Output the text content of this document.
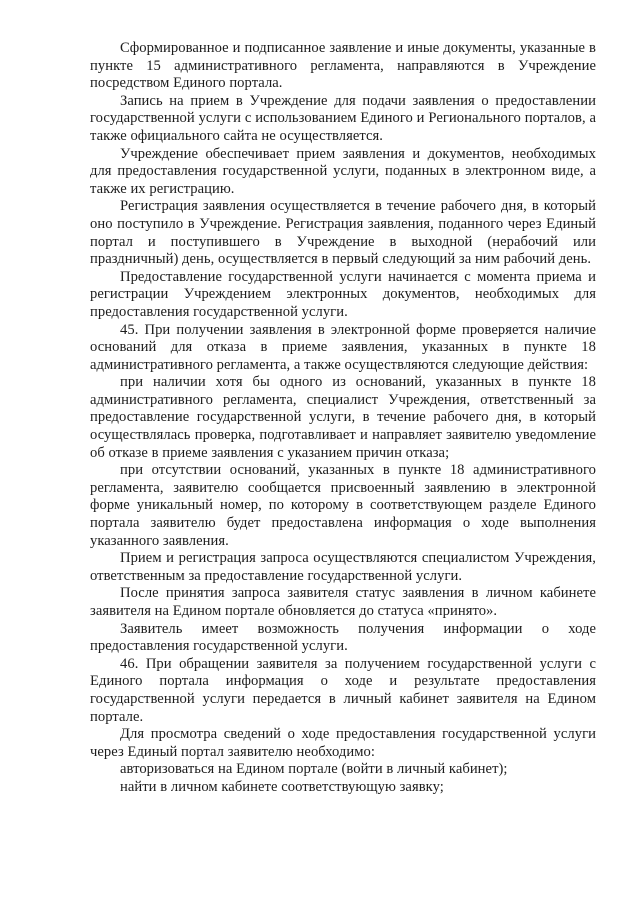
Сформированное и подписанное заявление и иные документы, указанные в пункте 15 административного регламента, направляются в Учреждение посредством Единого портала.

Запись на прием в Учреждение для подачи заявления о предоставлении государственной услуги с использованием Единого и Регионального порталов, а также официального сайта не осуществляется.

Учреждение обеспечивает прием заявления и документов, необходимых для предоставления государственной услуги, поданных в электронном виде, а также их регистрацию.

Регистрация заявления осуществляется в течение рабочего дня, в который оно поступило в Учреждение. Регистрация заявления, поданного через Единый портал и поступившего в Учреждение в выходной (нерабочий или праздничный) день, осуществляется в первый следующий за ним рабочий день.

Предоставление государственной услуги начинается с момента приема и регистрации Учреждением электронных документов, необходимых для предоставления государственной услуги.

45. При получении заявления в электронной форме проверяется наличие оснований для отказа в приеме заявления, указанных в пункте 18 административного регламента, а также осуществляются следующие действия:

при наличии хотя бы одного из оснований, указанных в пункте 18 административного регламента, специалист Учреждения, ответственный за предоставление государственной услуги, в течение рабочего дня, в который осуществлялась проверка, подготавливает и направляет заявителю уведомление об отказе в приеме заявления с указанием причин отказа;

при отсутствии оснований, указанных в пункте 18 административного регламента, заявителю сообщается присвоенный заявлению в электронной форме уникальный номер, по которому в соответствующем разделе Единого портала заявителю будет предоставлена информация о ходе выполнения указанного заявления.

Прием и регистрация запроса осуществляются специалистом Учреждения, ответственным за предоставление государственной услуги.

После принятия запроса заявителя статус заявления в личном кабинете заявителя на Едином портале обновляется до статуса «принято».

Заявитель имеет возможность получения информации о ходе предоставления государственной услуги.

46. При обращении заявителя за получением государственной услуги с Единого портала информация о ходе и результате предоставления государственной услуги передается в личный кабинет заявителя на Едином портале.

Для просмотра сведений о ходе предоставления государственной услуги через Единый портал заявителю необходимо:

авторизоваться на Едином портале (войти в личный кабинет);

найти в личном кабинете соответствующую заявку;
